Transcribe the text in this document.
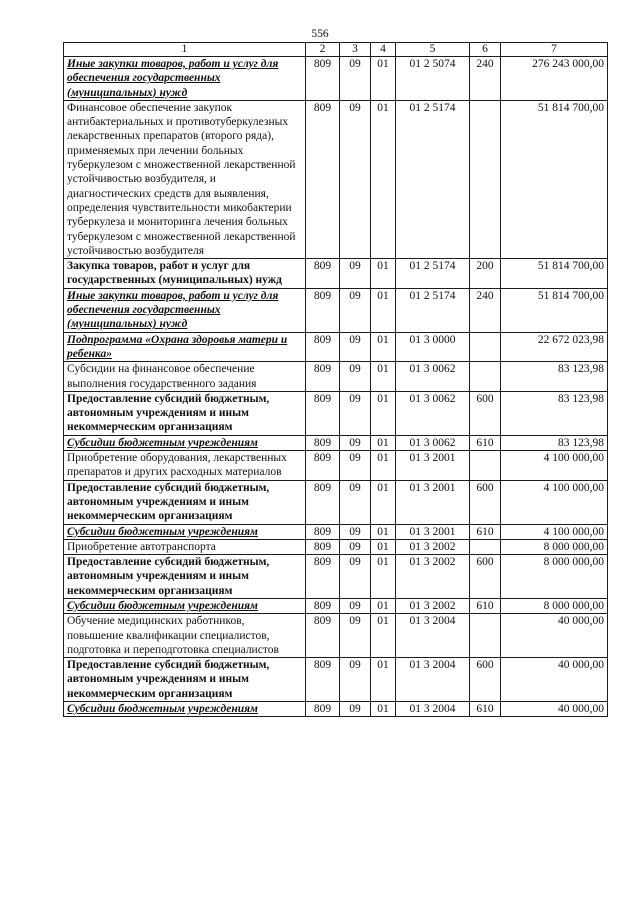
556
1	2	3	4	5	6	7
Иные закупки товаров, работ и услуг для обеспечения государственных (муниципальных) нужд	809	09	01	01 2 5074	240	276 243 000,00
Финансовое обеспечение закупок антибактериальных и противотуберкулезных лекарственных препаратов (второго ряда), применяемых при лечении больных туберкулезом с множественной лекарственной устойчивостью возбудителя, и диагностических средств для выявления, определения чувствительности микобактерии туберкулеза и мониторинга лечения больных туберкулезом с множественной лекарственной устойчивостью возбудителя	809	09	01	01 2 5174		51 814 700,00
Закупка товаров, работ и услуг для государственных (муниципальных) нужд	809	09	01	01 2 5174	200	51 814 700,00
Иные закупки товаров, работ и услуг для обеспечения государственных (муниципальных) нужд	809	09	01	01 2 5174	240	51 814 700,00
Подпрограмма «Охрана здоровья матери и ребенка»	809	09	01	01 3 0000		22 672 023,98
Субсидии на финансовое обеспечение выполнения государственного задания	809	09	01	01 3 0062		83 123,98
Предоставление субсидий бюджетным, автономным учреждениям и иным некоммерческим организациям	809	09	01	01 3 0062	600	83 123,98
Субсидии бюджетным учреждениям	809	09	01	01 3 0062	610	83 123,98
Приобретение оборудования, лекарственных препаратов и других расходных материалов	809	09	01	01 3 2001		4 100 000,00
Предоставление субсидий бюджетным, автономным учреждениям и иным некоммерческим организациям	809	09	01	01 3 2001	600	4 100 000,00
Субсидии бюджетным учреждениям	809	09	01	01 3 2001	610	4 100 000,00
Приобретение автотранспорта	809	09	01	01 3 2002		8 000 000,00
Предоставление субсидий бюджетным, автономным учреждениям и иным некоммерческим организациям	809	09	01	01 3 2002	600	8 000 000,00
Субсидии бюджетным учреждениям	809	09	01	01 3 2002	610	8 000 000,00
Обучение медицинских работников, повышение квалификации специалистов, подготовка и переподготовка специалистов	809	09	01	01 3 2004		40 000,00
Предоставление субсидий бюджетным, автономным учреждениям и иным некоммерческим организациям	809	09	01	01 3 2004	600	40 000,00
Субсидии бюджетным учреждениям	809	09	01	01 3 2004	610	40 000,00
